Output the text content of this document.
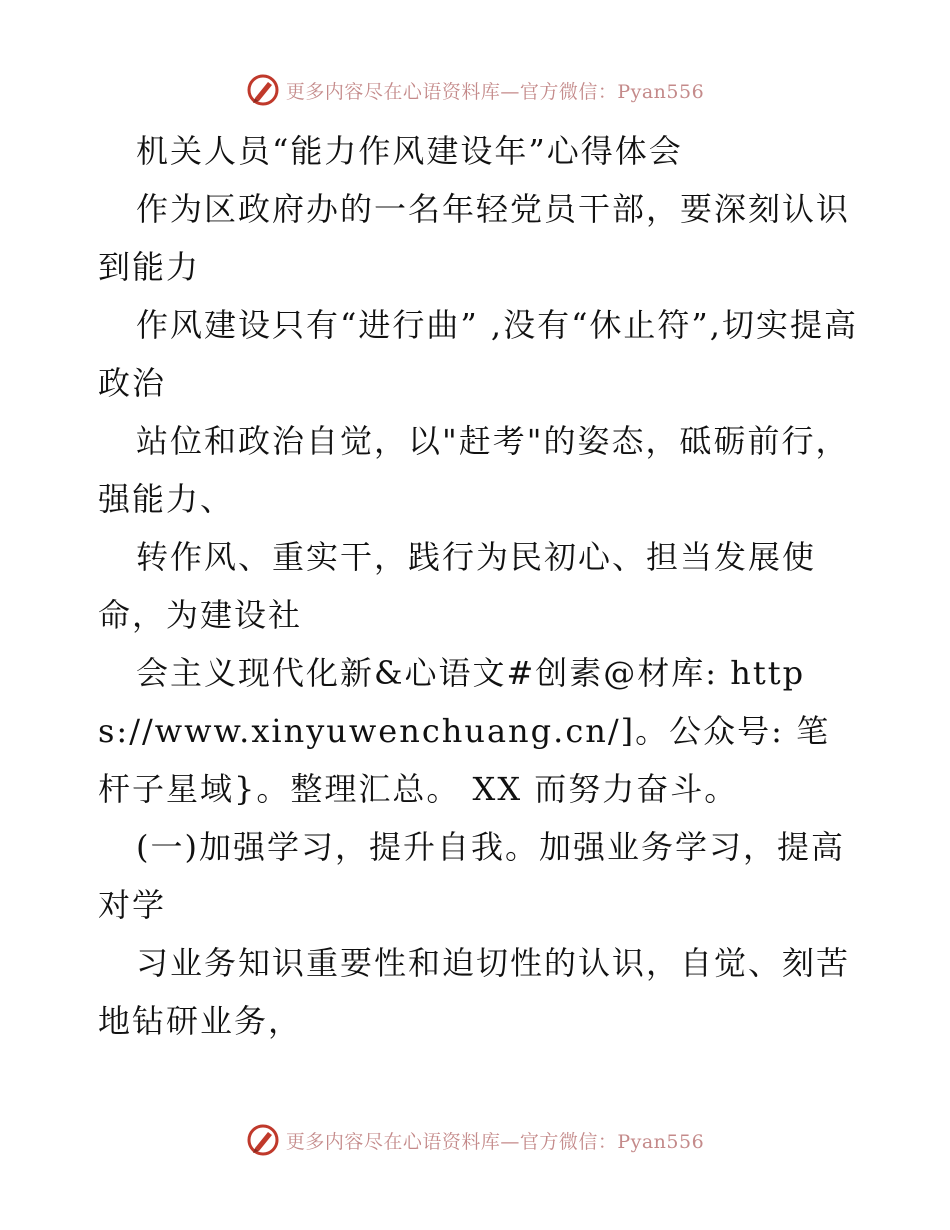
更多内容尽在心语资料库—官方微信：Pyan556

机关人员“能力作风建设年”心得体会

作为区政府办的一名年轻党员干部，要深刻认识到能力

作风建设只有“进行曲” ,没有“休止符”,切实提高政治

站位和政治自觉，以"赶考"的姿态，砥砺前行，强能力、

转作风、重实干，践行为民初心、担当发展使命，为建设社

会主义现代化新&心语文#创素@材库: https://www.xinyuwenchuang.cn/]。公众号: 笔杆子星域}。整理汇总。 XX 而努力奋斗。

(一)加强学习，提升自我。加强业务学习，提高对学

习业务知识重要性和迫切性的认识，自觉、刻苦地钻研业务，

更多内容尽在心语资料库—官方微信：Pyan556
